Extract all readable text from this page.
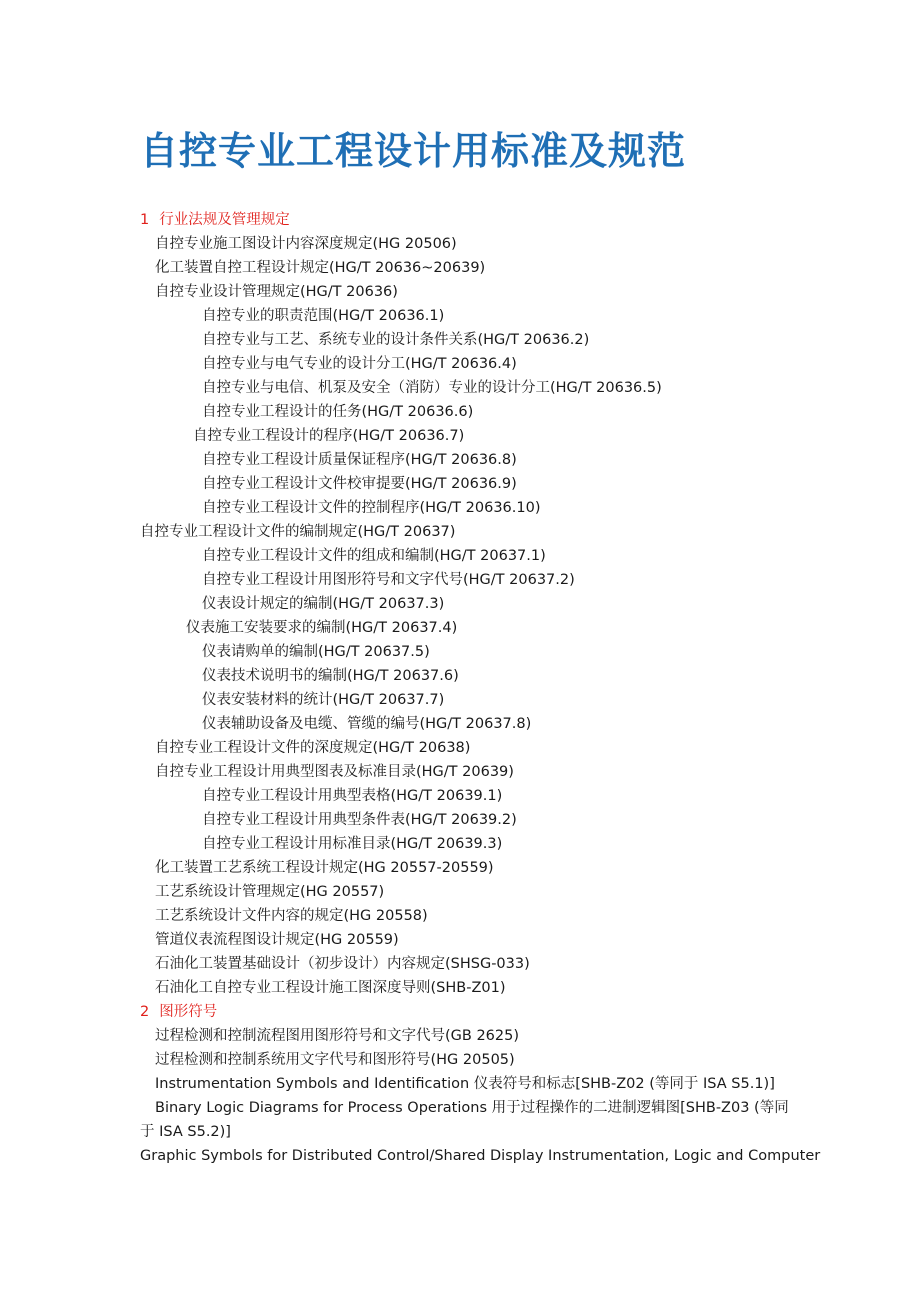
自控专业工程设计用标准及规范
1 行业法规及管理规定
自控专业施工图设计内容深度规定(HG 20506)
化工装置自控工程设计规定(HG/T 20636~20639)
自控专业设计管理规定(HG/T 20636)
自控专业的职责范围(HG/T 20636.1)
自控专业与工艺、系统专业的设计条件关系(HG/T 20636.2)
自控专业与电气专业的设计分工(HG/T 20636.4)
自控专业与电信、机泵及安全（消防）专业的设计分工(HG/T 20636.5)
自控专业工程设计的任务(HG/T 20636.6)
自控专业工程设计的程序(HG/T 20636.7)
自控专业工程设计质量保证程序(HG/T 20636.8)
自控专业工程设计文件校审提要(HG/T 20636.9)
自控专业工程设计文件的控制程序(HG/T 20636.10)
自控专业工程设计文件的编制规定(HG/T 20637)
自控专业工程设计文件的组成和编制(HG/T 20637.1)
自控专业工程设计用图形符号和文字代号(HG/T 20637.2)
仪表设计规定的编制(HG/T 20637.3)
仪表施工安装要求的编制(HG/T 20637.4)
仪表请购单的编制(HG/T 20637.5)
仪表技术说明书的编制(HG/T 20637.6)
仪表安装材料的统计(HG/T 20637.7)
仪表辅助设备及电缆、管缆的编号(HG/T 20637.8)
自控专业工程设计文件的深度规定(HG/T 20638)
自控专业工程设计用典型图表及标准目录(HG/T 20639)
自控专业工程设计用典型表格(HG/T 20639.1)
自控专业工程设计用典型条件表(HG/T 20639.2)
自控专业工程设计用标准目录(HG/T 20639.3)
化工装置工艺系统工程设计规定(HG 20557-20559)
工艺系统设计管理规定(HG 20557)
工艺系统设计文件内容的规定(HG 20558)
管道仪表流程图设计规定(HG 20559)
石油化工装置基础设计（初步设计）内容规定(SHSG-033)
石油化工自控专业工程设计施工图深度导则(SHB-Z01)
2 图形符号
过程检测和控制流程图用图形符号和文字代号(GB 2625)
过程检测和控制系统用文字代号和图形符号(HG 20505)
Instrumentation Symbols and Identification 仪表符号和标志[SHB-Z02 (等同于 ISA S5.1)]
Binary Logic Diagrams for Process Operations 用于过程操作的二进制逻辑图[SHB-Z03 (等同
于 ISA S5.2)]
Graphic Symbols for Distributed Control/Shared Display Instrumentation, Logic and Computer
